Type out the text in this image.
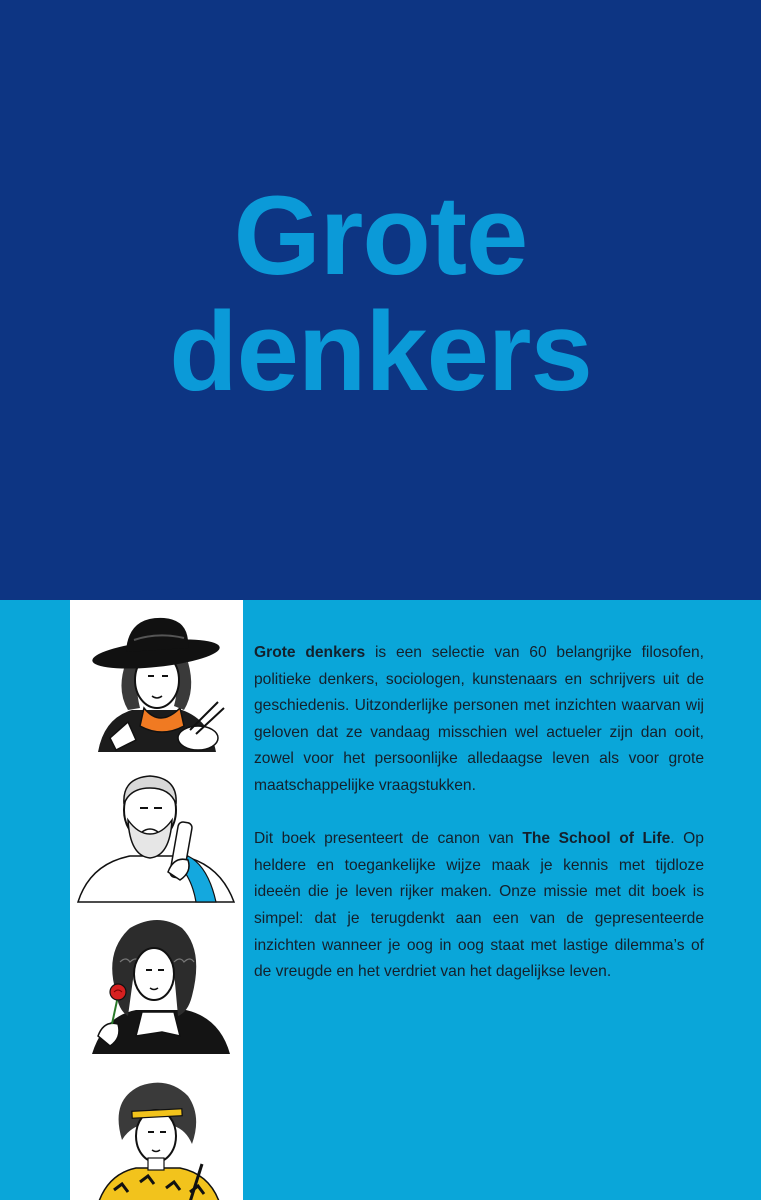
Grote
denkers

Grote denkers is een selectie van 60 belangrijke filosofen, politieke denkers, sociologen, kunstenaars en schrijvers uit de geschiedenis. Uitzonderlijke personen met inzichten waarvan wij geloven dat ze vandaag misschien wel actueler zijn dan ooit, zowel voor het persoonlijke alledaagse leven als voor grote maatschappelijke vraagstukken.

Dit boek presenteert de canon van The School of Life. Op heldere en toegankelijke wijze maak je kennis met tijdloze ideeën die je leven rijker maken. Onze missie met dit boek is simpel: dat je terugdenkt aan een van de gepresenteerde inzichten wanneer je oog in oog staat met lastige dilemma’s of de vreugde en het verdriet van het dagelijkse leven.
